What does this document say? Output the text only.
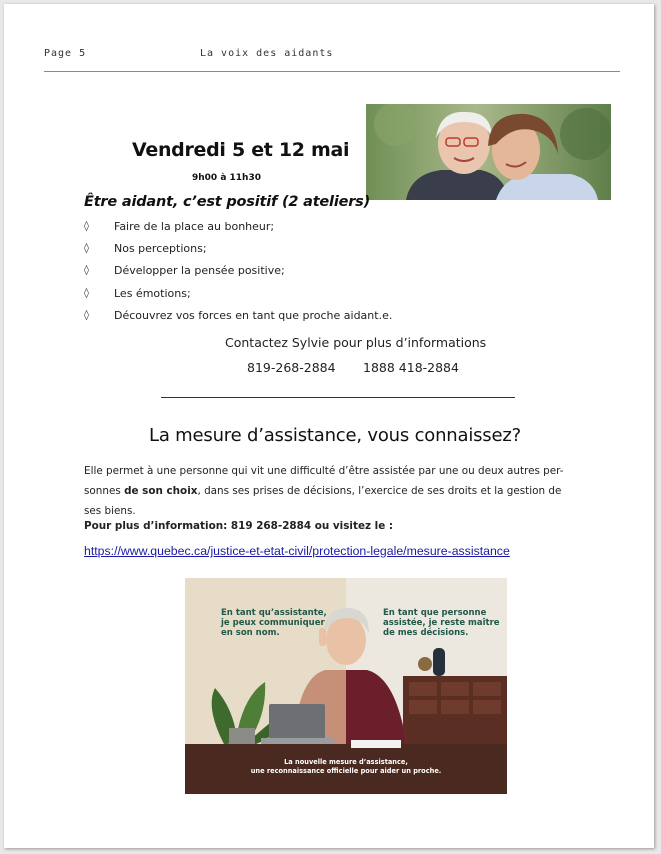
Page 5	La voix des aidants
Vendredi 5 et 12 mai
9h00 à 11h30
Être aidant, c’est positif (2 ateliers)
◊ Faire de la place au bonheur;
◊ Nos perceptions;
◊ Développer la pensée positive;
◊ Les émotions;
◊ Découvrez vos forces en tant que proche aidant.e.
Contactez Sylvie pour plus d’informations
819-268-2884 1888 418-2884
La mesure d’assistance, vous connaissez?
Elle permet à une personne qui vit une difficulté d’être assistée par une ou deux autres per-sonnes de son choix, dans ses prises de décisions, l’exercice de ses droits et la gestion de ses biens.
Pour plus d’information: 819 268-2884 ou visitez le :
https://www.quebec.ca/justice-et-etat-civil/protection-legale/mesure-assistance
En tant qu’assistante,
je peux communiquer
en son nom.
En tant que personne
assistée, je reste maître
de mes décisions.
La nouvelle mesure d’assistance,
une reconnaissance officielle pour aider un proche.
